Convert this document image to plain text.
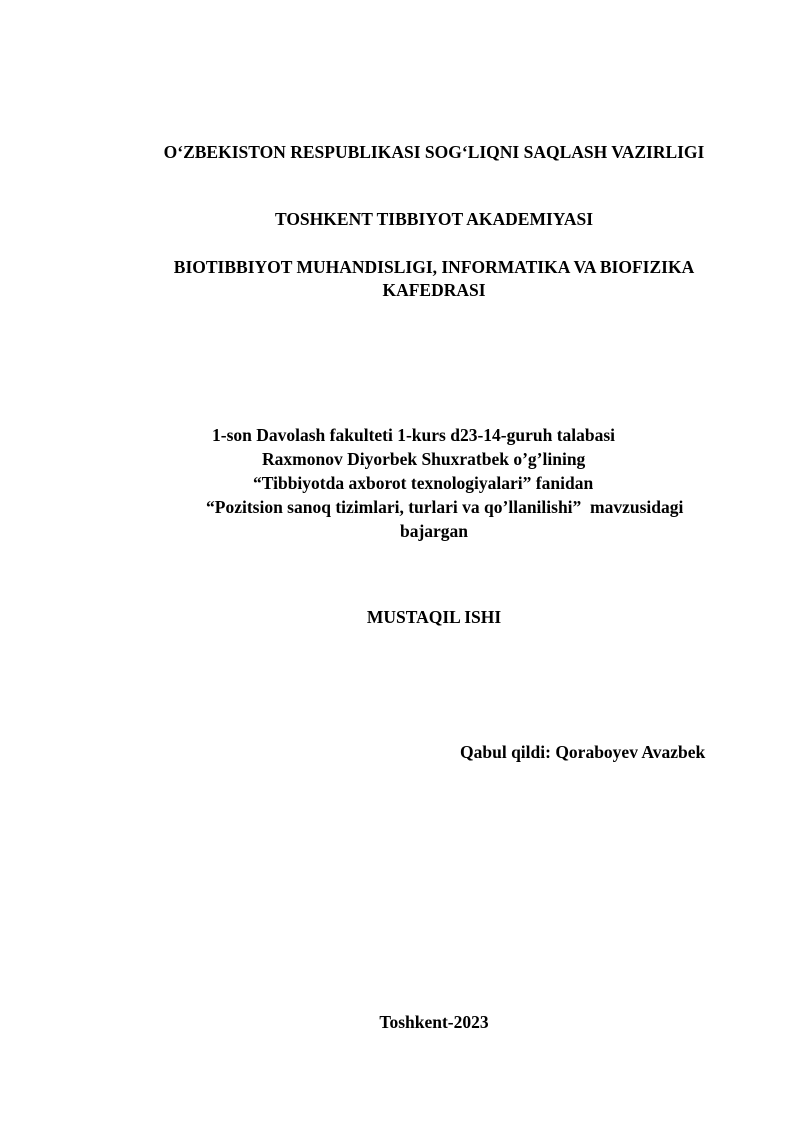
O‘ZBEKISTON RESPUBLIKASI SOG‘LIQNI SAQLASH VAZIRLIGI
TOSHKENT TIBBIYOT AKADEMIYASI
BIOTIBBIYOT MUHANDISLIGI, INFORMATIKA VA BIOFIZIKA
KAFEDRASI
1-son Davolash fakulteti 1-kurs d23-14-guruh talabasi
Raxmonov Diyorbek Shuxratbek o’g’lining
“Tibbiyotda axborot texnologiyalari” fanidan
“Pozitsion sanoq tizimlari, turlari va qo’llanilishi”  mavzusidagi
bajargan
MUSTAQIL ISHI
Qabul qildi: Qoraboyev Avazbek
Toshkent-2023
